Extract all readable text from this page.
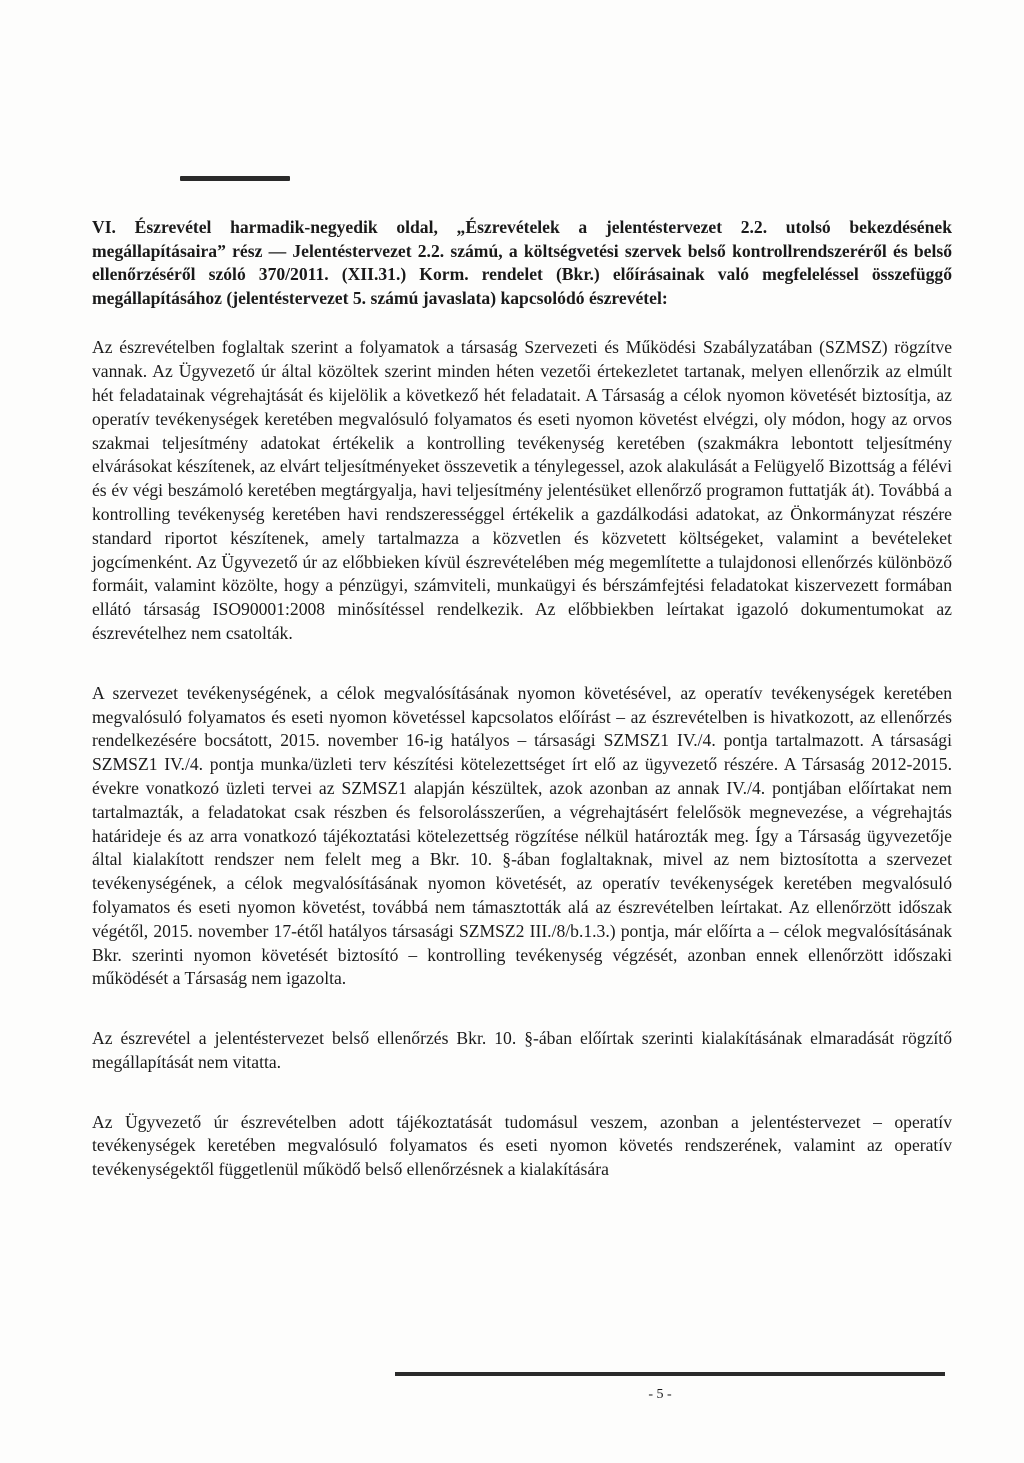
VI. Észrevétel harmadik-negyedik oldal, „Észrevételek a jelentéstervezet 2.2. utolsó bekezdésének megállapításaira” rész — Jelentéstervezet 2.2. számú, a költségvetési szervek belső kontrollrendszeréről és belső ellenőrzéséről szóló 370/2011. (XII.31.) Korm. rendelet (Bkr.) előírásainak való megfeleléssel összefüggő megállapításához (jelentéstervezet 5. számú javaslata) kapcsolódó észrevétel:

Az észrevételben foglaltak szerint a folyamatok a társaság Szervezeti és Működési Szabályzatában (SZMSZ) rögzítve vannak. Az Ügyvezető úr által közöltek szerint minden héten vezetői értekezletet tartanak, melyen ellenőrzik az elmúlt hét feladatainak végrehajtását és kijelölik a következő hét feladatait. A Társaság a célok nyomon követését biztosítja, az operatív tevékenységek keretében megvalósuló folyamatos és eseti nyomon követést elvégzi, oly módon, hogy az orvos szakmai teljesítmény adatokat értékelik a kontrolling tevékenység keretében (szakmákra lebontott teljesítmény elvárásokat készítenek, az elvárt teljesítményeket összevetik a ténylegessel, azok alakulását a Felügyelő Bizottság a félévi és év végi beszámoló keretében megtárgyalja, havi teljesítmény jelentésüket ellenőrző programon futtatják át). Továbbá a kontrolling tevékenység keretében havi rendszerességgel értékelik a gazdálkodási adatokat, az Önkormányzat részére standard riportot készítenek, amely tartalmazza a közvetlen és közvetett költségeket, valamint a bevételeket jogcímenként. Az Ügyvezető úr az előbbieken kívül észrevételében még megemlítette a tulajdonosi ellenőrzés különböző formáit, valamint közölte, hogy a pénzügyi, számviteli, munkaügyi és bérszámfejtési feladatokat kiszervezett formában ellátó társaság ISO90001:2008 minősítéssel rendelkezik. Az előbbiekben leírtakat igazoló dokumentumokat az észrevételhez nem csatolták.

A szervezet tevékenységének, a célok megvalósításának nyomon követésével, az operatív tevékenységek keretében megvalósuló folyamatos és eseti nyomon követéssel kapcsolatos előírást – az észrevételben is hivatkozott, az ellenőrzés rendelkezésére bocsátott, 2015. november 16-ig hatályos – társasági SZMSZ1 IV./4. pontja tartalmazott. A társasági SZMSZ1 IV./4. pontja munka/üzleti terv készítési kötelezettséget írt elő az ügyvezető részére. A Társaság 2012-2015. évekre vonatkozó üzleti tervei az SZMSZ1 alapján készültek, azok azonban az annak IV./4. pontjában előírtakat nem tartalmazták, a feladatokat csak részben és felsorolásszerűen, a végrehajtásért felelősök megnevezése, a végrehajtás határideje és az arra vonatkozó tájékoztatási kötelezettség rögzítése nélkül határozták meg. Így a Társaság ügyvezetője által kialakított rendszer nem felelt meg a Bkr. 10. §-ában foglaltaknak, mivel az nem biztosította a szervezet tevékenységének, a célok megvalósításának nyomon követését, az operatív tevékenységek keretében megvalósuló folyamatos és eseti nyomon követést, továbbá nem támasztották alá az észrevételben leírtakat. Az ellenőrzött időszak végétől, 2015. november 17-étől hatályos társasági SZMSZ2 III./8/b.1.3.) pontja, már előírta a – célok megvalósításának Bkr. szerinti nyomon követését biztosító – kontrolling tevékenység végzését, azonban ennek ellenőrzött időszaki működését a Társaság nem igazolta.

Az észrevétel a jelentéstervezet belső ellenőrzés Bkr. 10. §-ában előírtak szerinti kialakításának elmaradását rögzítő megállapítását nem vitatta.

Az Ügyvezető úr észrevételben adott tájékoztatását tudomásul veszem, azonban a jelentéstervezet – operatív tevékenységek keretében megvalósuló folyamatos és eseti nyomon követés rendszerének, valamint az operatív tevékenységektől függetlenül működő belső ellenőrzésnek a kialakítására

- 5 -
